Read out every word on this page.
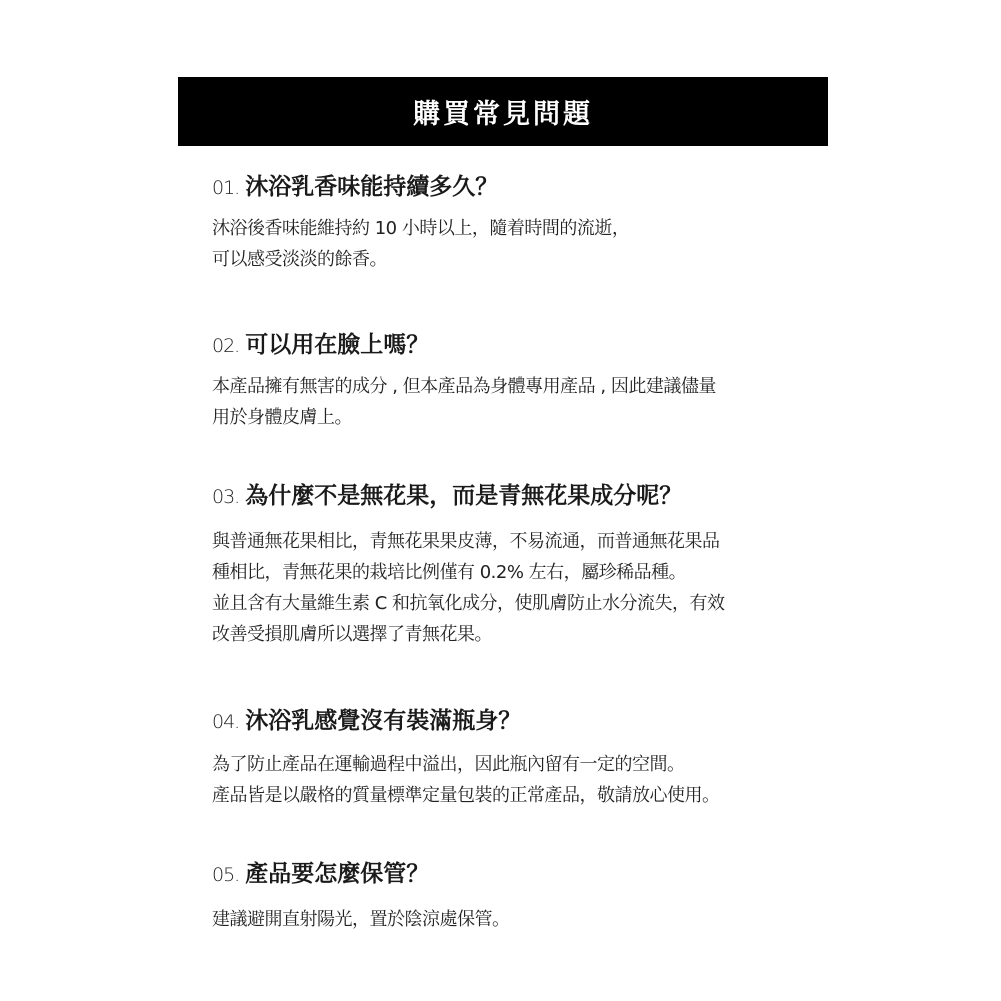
購買常見問題
01. 沐浴乳香味能持續多久？
沐浴後香味能維持約 10 小時以上，隨着時間的流逝，
可以感受淡淡的餘香。
02. 可以用在臉上嗎？
本產品擁有無害的成分 , 但本產品為身體專用產品 , 因此建議儘量
用於身體皮膚上。
03. 為什麼不是無花果，而是青無花果成分呢？
與普通無花果相比，青無花果果皮薄，不易流通，而普通無花果品
種相比，青無花果的栽培比例僅有 0.2% 左右，屬珍稀品種。
並且含有大量維生素 C 和抗氧化成分，使肌膚防止水分流失，有效
改善受損肌膚所以選擇了青無花果。
04. 沐浴乳感覺沒有裝滿瓶身？
為了防止產品在運輸過程中溢出，因此瓶內留有一定的空間。
產品皆是以嚴格的質量標準定量包裝的正常產品，敬請放心使用。
05. 產品要怎麼保管？
建議避開直射陽光，置於陰涼處保管。
